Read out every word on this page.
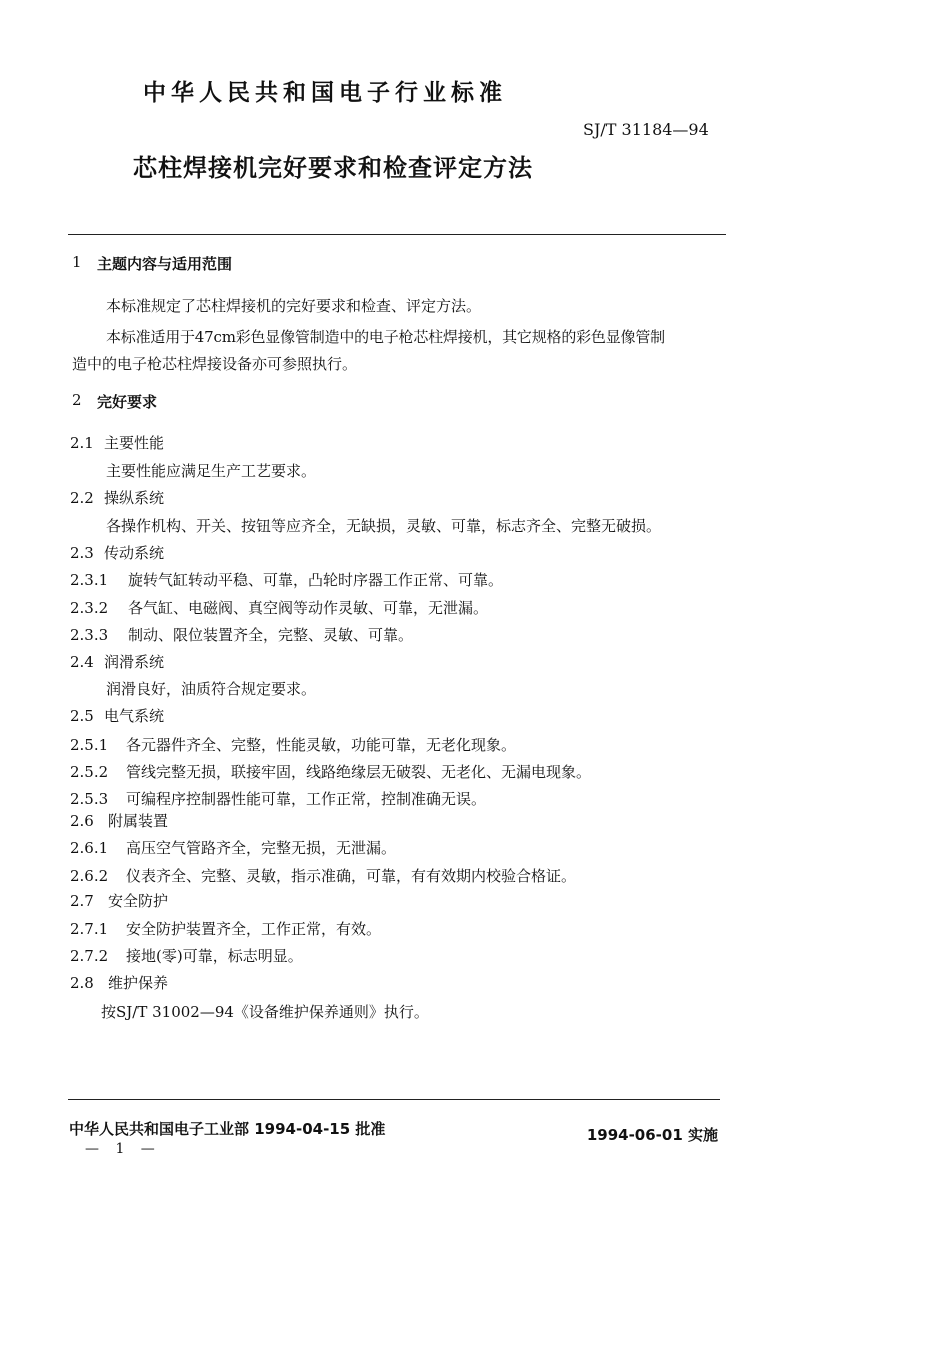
中华人民共和国电子行业标准
SJ/T 31184—94
芯柱焊接机完好要求和检查评定方法
1 主题内容与适用范围
本标准规定了芯柱焊接机的完好要求和检查、评定方法。
本标准适用于47cm彩色显像管制造中的电子枪芯柱焊接机，其它规格的彩色显像管制
造中的电子枪芯柱焊接设备亦可参照执行。
2 完好要求
2.1 主要性能
主要性能应满足生产工艺要求。
2.2 操纵系统
各操作机构、开关、按钮等应齐全，无缺损，灵敏、可靠，标志齐全、完整无破损。
2.3 传动系统
2.3.1 旋转气缸转动平稳、可靠，凸轮时序器工作正常、可靠。
2.3.2 各气缸、电磁阀、真空阀等动作灵敏、可靠，无泄漏。
2.3.3 制动、限位装置齐全，完整、灵敏、可靠。
2.4 润滑系统
润滑良好，油质符合规定要求。
2.5 电气系统
2.5.1 各元器件齐全、完整，性能灵敏，功能可靠，无老化现象。
2.5.2 管线完整无损，联接牢固，线路绝缘层无破裂、无老化、无漏电现象。
2.5.3 可编程序控制器性能可靠，工作正常，控制准确无误。
2.6 附属装置
2.6.1 高压空气管路齐全，完整无损，无泄漏。
2.6.2 仪表齐全、完整、灵敏，指示准确，可靠，有有效期内校验合格证。
2.7 安全防护
2.7.1 安全防护装置齐全，工作正常，有效。
2.7.2 接地(零)可靠，标志明显。
2.8 维护保养
按SJ/T 31002—94《设备维护保养通则》执行。
中华人民共和国电子工业部 1994-04-15 批准	1994-06-01 实施
— 1 —
